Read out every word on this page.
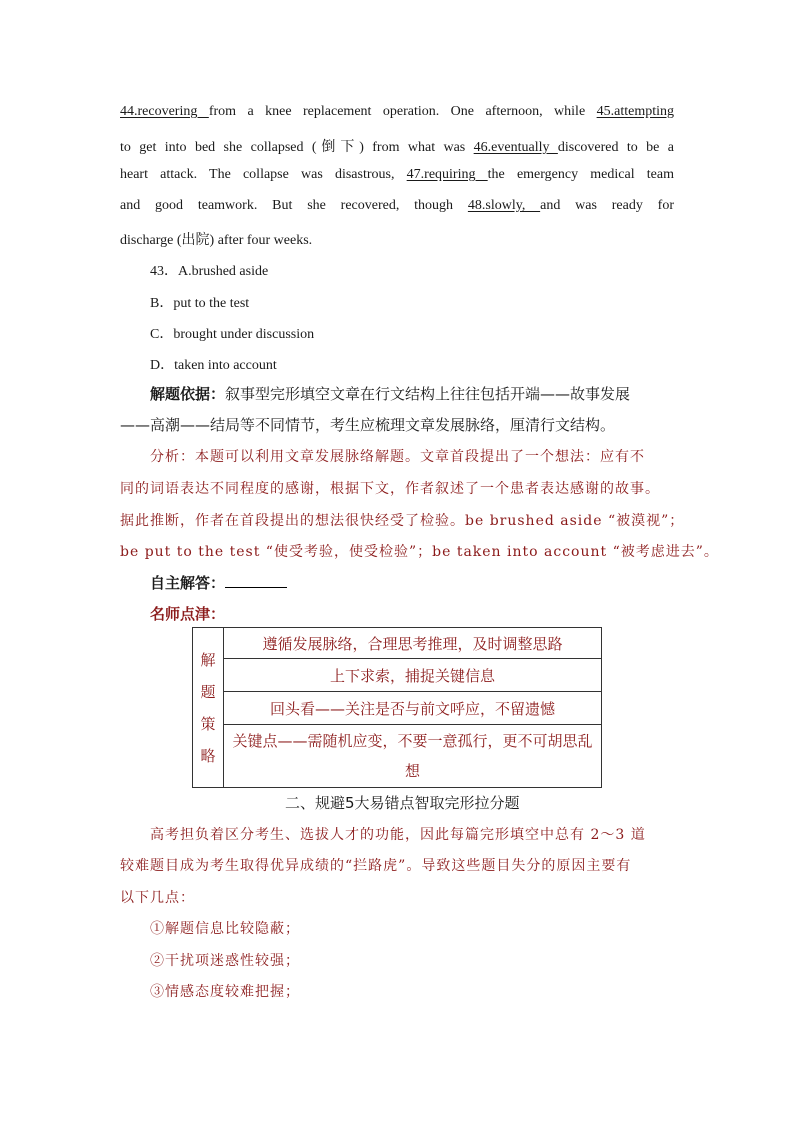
44.recovering from a knee replacement operation. One afternoon, while 45.attempting
to get into bed she collapsed (倒下) from what was 46.eventually discovered to be a
heart attack. The collapse was disastrous, 47.requiring the emergency medical team
and good teamwork. But she recovered, though 48.slowly, and was ready for
discharge (出院) after four weeks.
43．A.brushed aside
B．put to the test
C．brought under discussion
D．taken into account
解题依据：叙事型完形填空文章在行文结构上往往包括开端——故事发展
——高潮——结局等不同情节，考生应梳理文章发展脉络，厘清行文结构。
分析：本题可以利用文章发展脉络解题。文章首段提出了一个想法：应有不
同的词语表达不同程度的感谢，根据下文，作者叙述了一个患者表达感谢的故事。
据此推断，作者在首段提出的想法很快经受了检验。be brushed aside “被漠视”；
be put to the test “使受考验，使受检验”；be taken into account “被考虑进去”。
自主解答：
名师点津：
解
题
策
略
	遵循发展脉络，合理思考推理，及时调整思路
上下求索，捕捉关键信息
回头看——关注是否与前文呼应，不留遗憾
关键点——需随机应变，不要一意孤行，更不可胡思乱想
二、规避5大易错点智取完形拉分题
高考担负着区分考生、选拔人才的功能，因此每篇完形填空中总有 2～3 道
较难题目成为考生取得优异成绩的“拦路虎”。导致这些题目失分的原因主要有
以下几点：
①解题信息比较隐蔽；
②干扰项迷惑性较强；
③情感态度较难把握；
